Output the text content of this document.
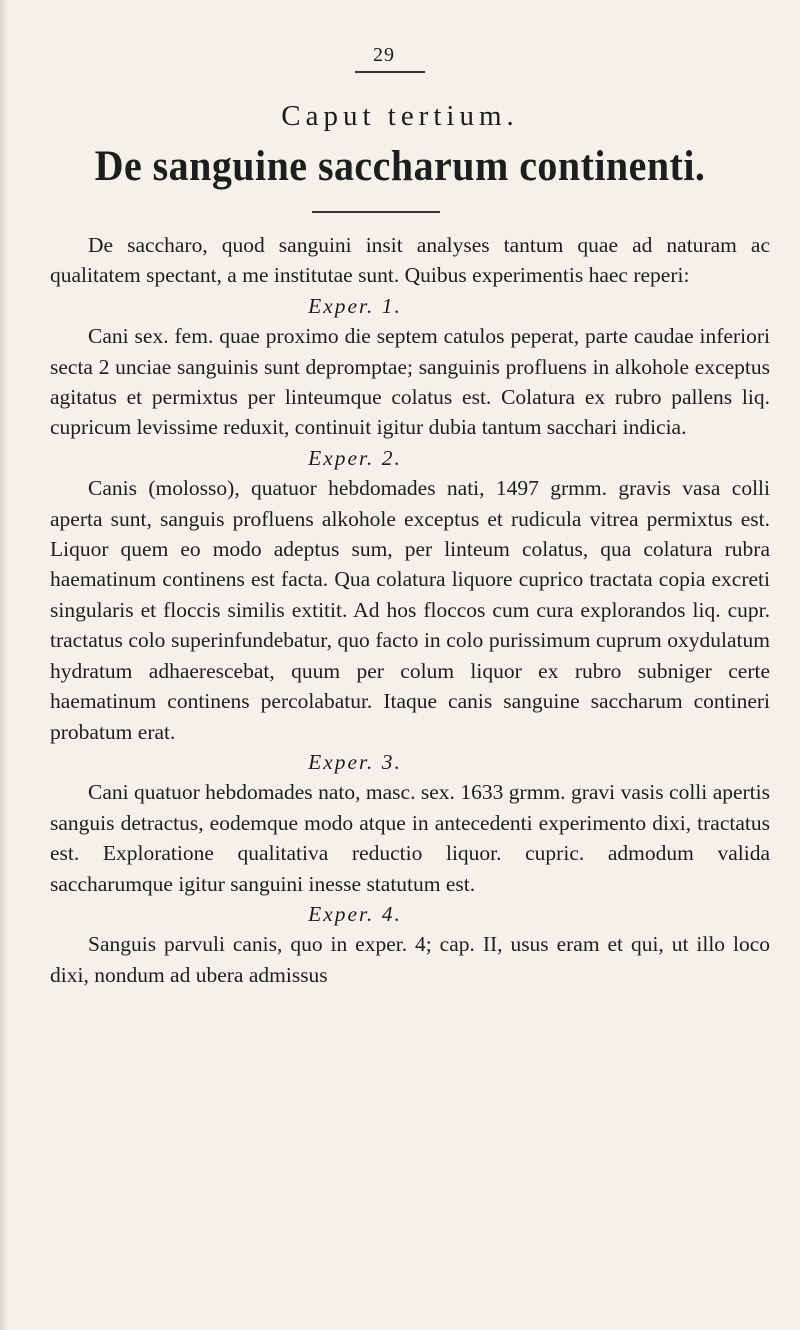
29
Caput tertium.
De sanguine saccharum continenti.

De saccharo, quod sanguini insit analyses tantum quae ad naturam ac qualitatem spectant, a me institutae sunt. Quibus experimentis haec reperi:

Exper. 1.

Cani sex. fem. quae proximo die septem catulos peperat, parte caudae inferiori secta 2 unciae sanguinis sunt depromptae; sanguinis profluens in alkohole exceptus agitatus et permixtus per linteumque colatus est. Colatura ex rubro pallens liq. cupricum levissime reduxit, continuit igitur dubia tantum sacchari indicia.

Exper. 2.

Canis (molosso), quatuor hebdomades nati, 1497 grmm. gravis vasa colli aperta sunt, sanguis profluens alkohole exceptus et rudicula vitrea permixtus est. Liquor quem eo modo adeptus sum, per linteum colatus, qua colatura rubra haematinum continens est facta. Qua colatura liquore cuprico tractata copia excreti singularis et floccis similis extitit. Ad hos floccos cum cura explorandos liq. cupr. tractatus colo superinfundebatur, quo facto in colo purissimum cuprum oxydulatum hydratum adhaerescebat, quum per colum liquor ex rubro subniger certe haematinum continens percolabatur. Itaque canis sanguine saccharum contineri probatum erat.

Exper. 3.

Cani quatuor hebdomades nato, masc. sex. 1633 grmm. gravi vasis colli apertis sanguis detractus, eodemque modo atque in antecedenti experimento dixi, tractatus est. Exploratione qualitativa reductio liquor. cupric. admodum valida saccharumque igitur sanguini inesse statutum est.

Exper. 4.

Sanguis parvuli canis, quo in exper. 4; cap. II, usus eram et qui, ut illo loco dixi, nondum ad ubera admissus
